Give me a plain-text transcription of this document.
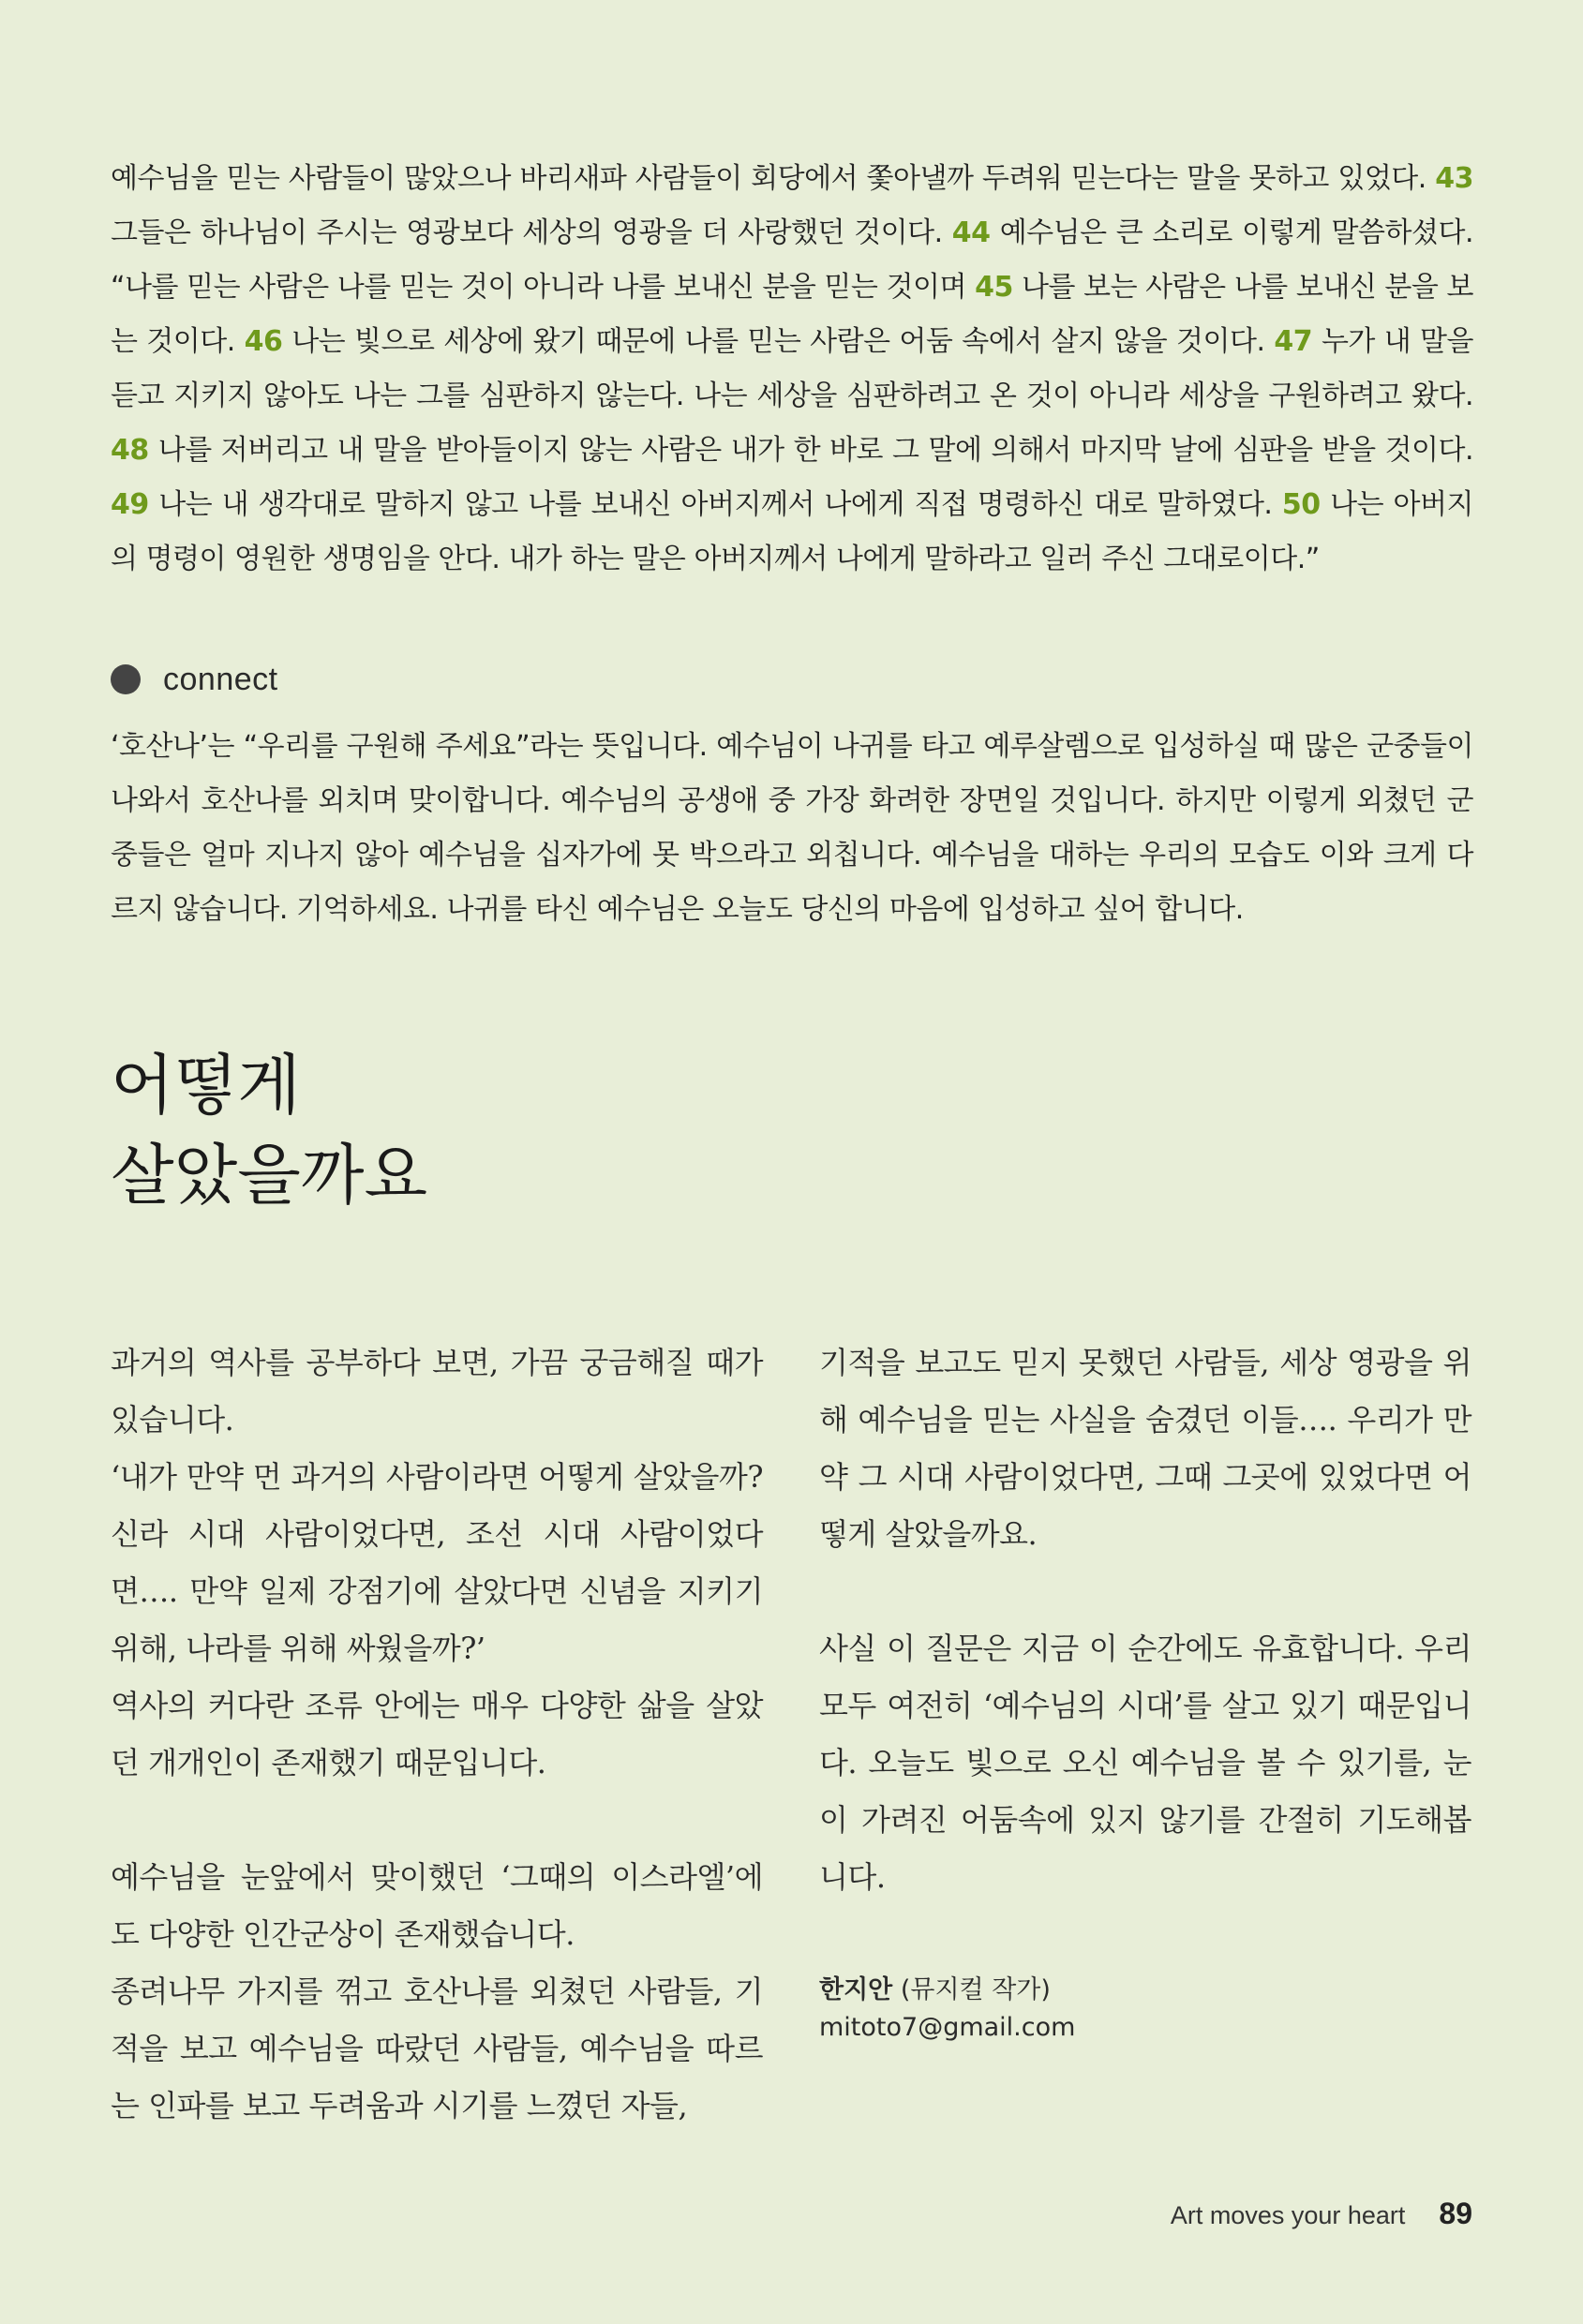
예수님을 믿는 사람들이 많았으나 바리새파 사람들이 회당에서 쫓아낼까 두려워 믿는다는 말을 못하고 있었다. 43 그들은 하나님이 주시는 영광보다 세상의 영광을 더 사랑했던 것이다. 44 예수님은 큰 소리로 이렇게 말씀하셨다. “나를 믿는 사람은 나를 믿는 것이 아니라 나를 보내신 분을 믿는 것이며 45 나를 보는 사람은 나를 보내신 분을 보는 것이다. 46 나는 빛으로 세상에 왔기 때문에 나를 믿는 사람은 어둠 속에서 살지 않을 것이다. 47 누가 내 말을 듣고 지키지 않아도 나는 그를 심판하지 않는다. 나는 세상을 심판하려고 온 것이 아니라 세상을 구원하려고 왔다. 48 나를 저버리고 내 말을 받아들이지 않는 사람은 내가 한 바로 그 말에 의해서 마지막 날에 심판을 받을 것이다. 49 나는 내 생각대로 말하지 않고 나를 보내신 아버지께서 나에게 직접 명령하신 대로 말하였다. 50 나는 아버지의 명령이 영원한 생명임을 안다. 내가 하는 말은 아버지께서 나에게 말하라고 일러 주신 그대로이다.”

connect

‘호산나’는 “우리를 구원해 주세요”라는 뜻입니다. 예수님이 나귀를 타고 예루살렘으로 입성하실 때 많은 군중들이 나와서 호산나를 외치며 맞이합니다. 예수님의 공생애 중 가장 화려한 장면일 것입니다. 하지만 이렇게 외쳤던 군중들은 얼마 지나지 않아 예수님을 십자가에 못 박으라고 외칩니다. 예수님을 대하는 우리의 모습도 이와 크게 다르지 않습니다. 기억하세요. 나귀를 타신 예수님은 오늘도 당신의 마음에 입성하고 싶어 합니다.

어떻게
살았을까요

과거의 역사를 공부하다 보면, 가끔 궁금해질 때가 있습니다.

‘내가 만약 먼 과거의 사람이라면 어떻게 살았을까? 신라 시대 사람이었다면, 조선 시대 사람이었다면…. 만약 일제 강점기에 살았다면 신념을 지키기 위해, 나라를 위해 싸웠을까?’

역사의 커다란 조류 안에는 매우 다양한 삶을 살았던 개개인이 존재했기 때문입니다.

예수님을 눈앞에서 맞이했던 ‘그때의 이스라엘’에도 다양한 인간군상이 존재했습니다.

종려나무 가지를 꺾고 호산나를 외쳤던 사람들, 기적을 보고 예수님을 따랐던 사람들, 예수님을 따르는 인파를 보고 두려움과 시기를 느꼈던 자들,

기적을 보고도 믿지 못했던 사람들, 세상 영광을 위해 예수님을 믿는 사실을 숨겼던 이들…. 우리가 만약 그 시대 사람이었다면, 그때 그곳에 있었다면 어떻게 살았을까요.

사실 이 질문은 지금 이 순간에도 유효합니다. 우리 모두 여전히 ‘예수님의 시대’를 살고 있기 때문입니다. 오늘도 빛으로 오신 예수님을 볼 수 있기를, 눈이 가려진 어둠속에 있지 않기를 간절히 기도해봅니다.

한지안 (뮤지컬 작가)
mitoto7@gmail.com
Art moves your heart 89
